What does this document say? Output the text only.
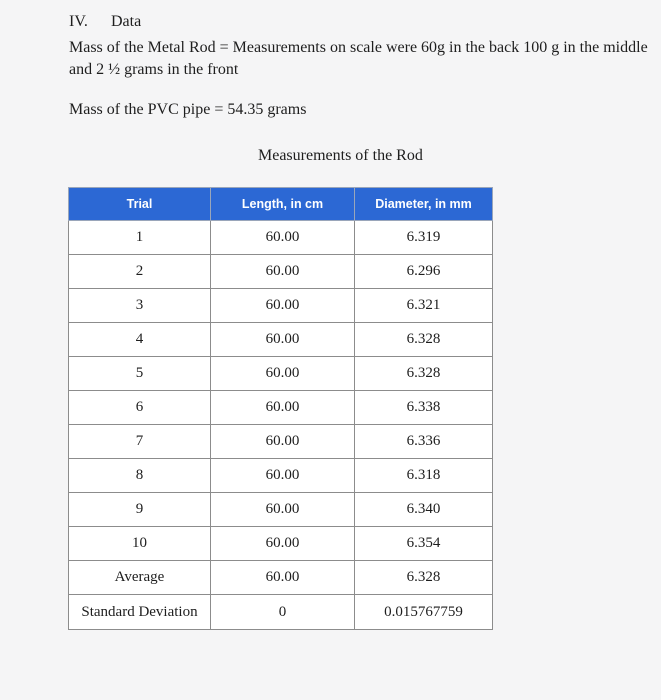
IV. Data
Mass of the Metal Rod = Measurements on scale were 60g in the back 100 g in the middle and 2 ½ grams in the front
Mass of the PVC pipe = 54.35 grams
Measurements of the Rod
Trial	Length, in cm	Diameter, in mm
1	60.00	6.319
2	60.00	6.296
3	60.00	6.321
4	60.00	6.328
5	60.00	6.328
6	60.00	6.338
7	60.00	6.336
8	60.00	6.318
9	60.00	6.340
10	60.00	6.354
Average	60.00	6.328
Standard Deviation	0	0.015767759
